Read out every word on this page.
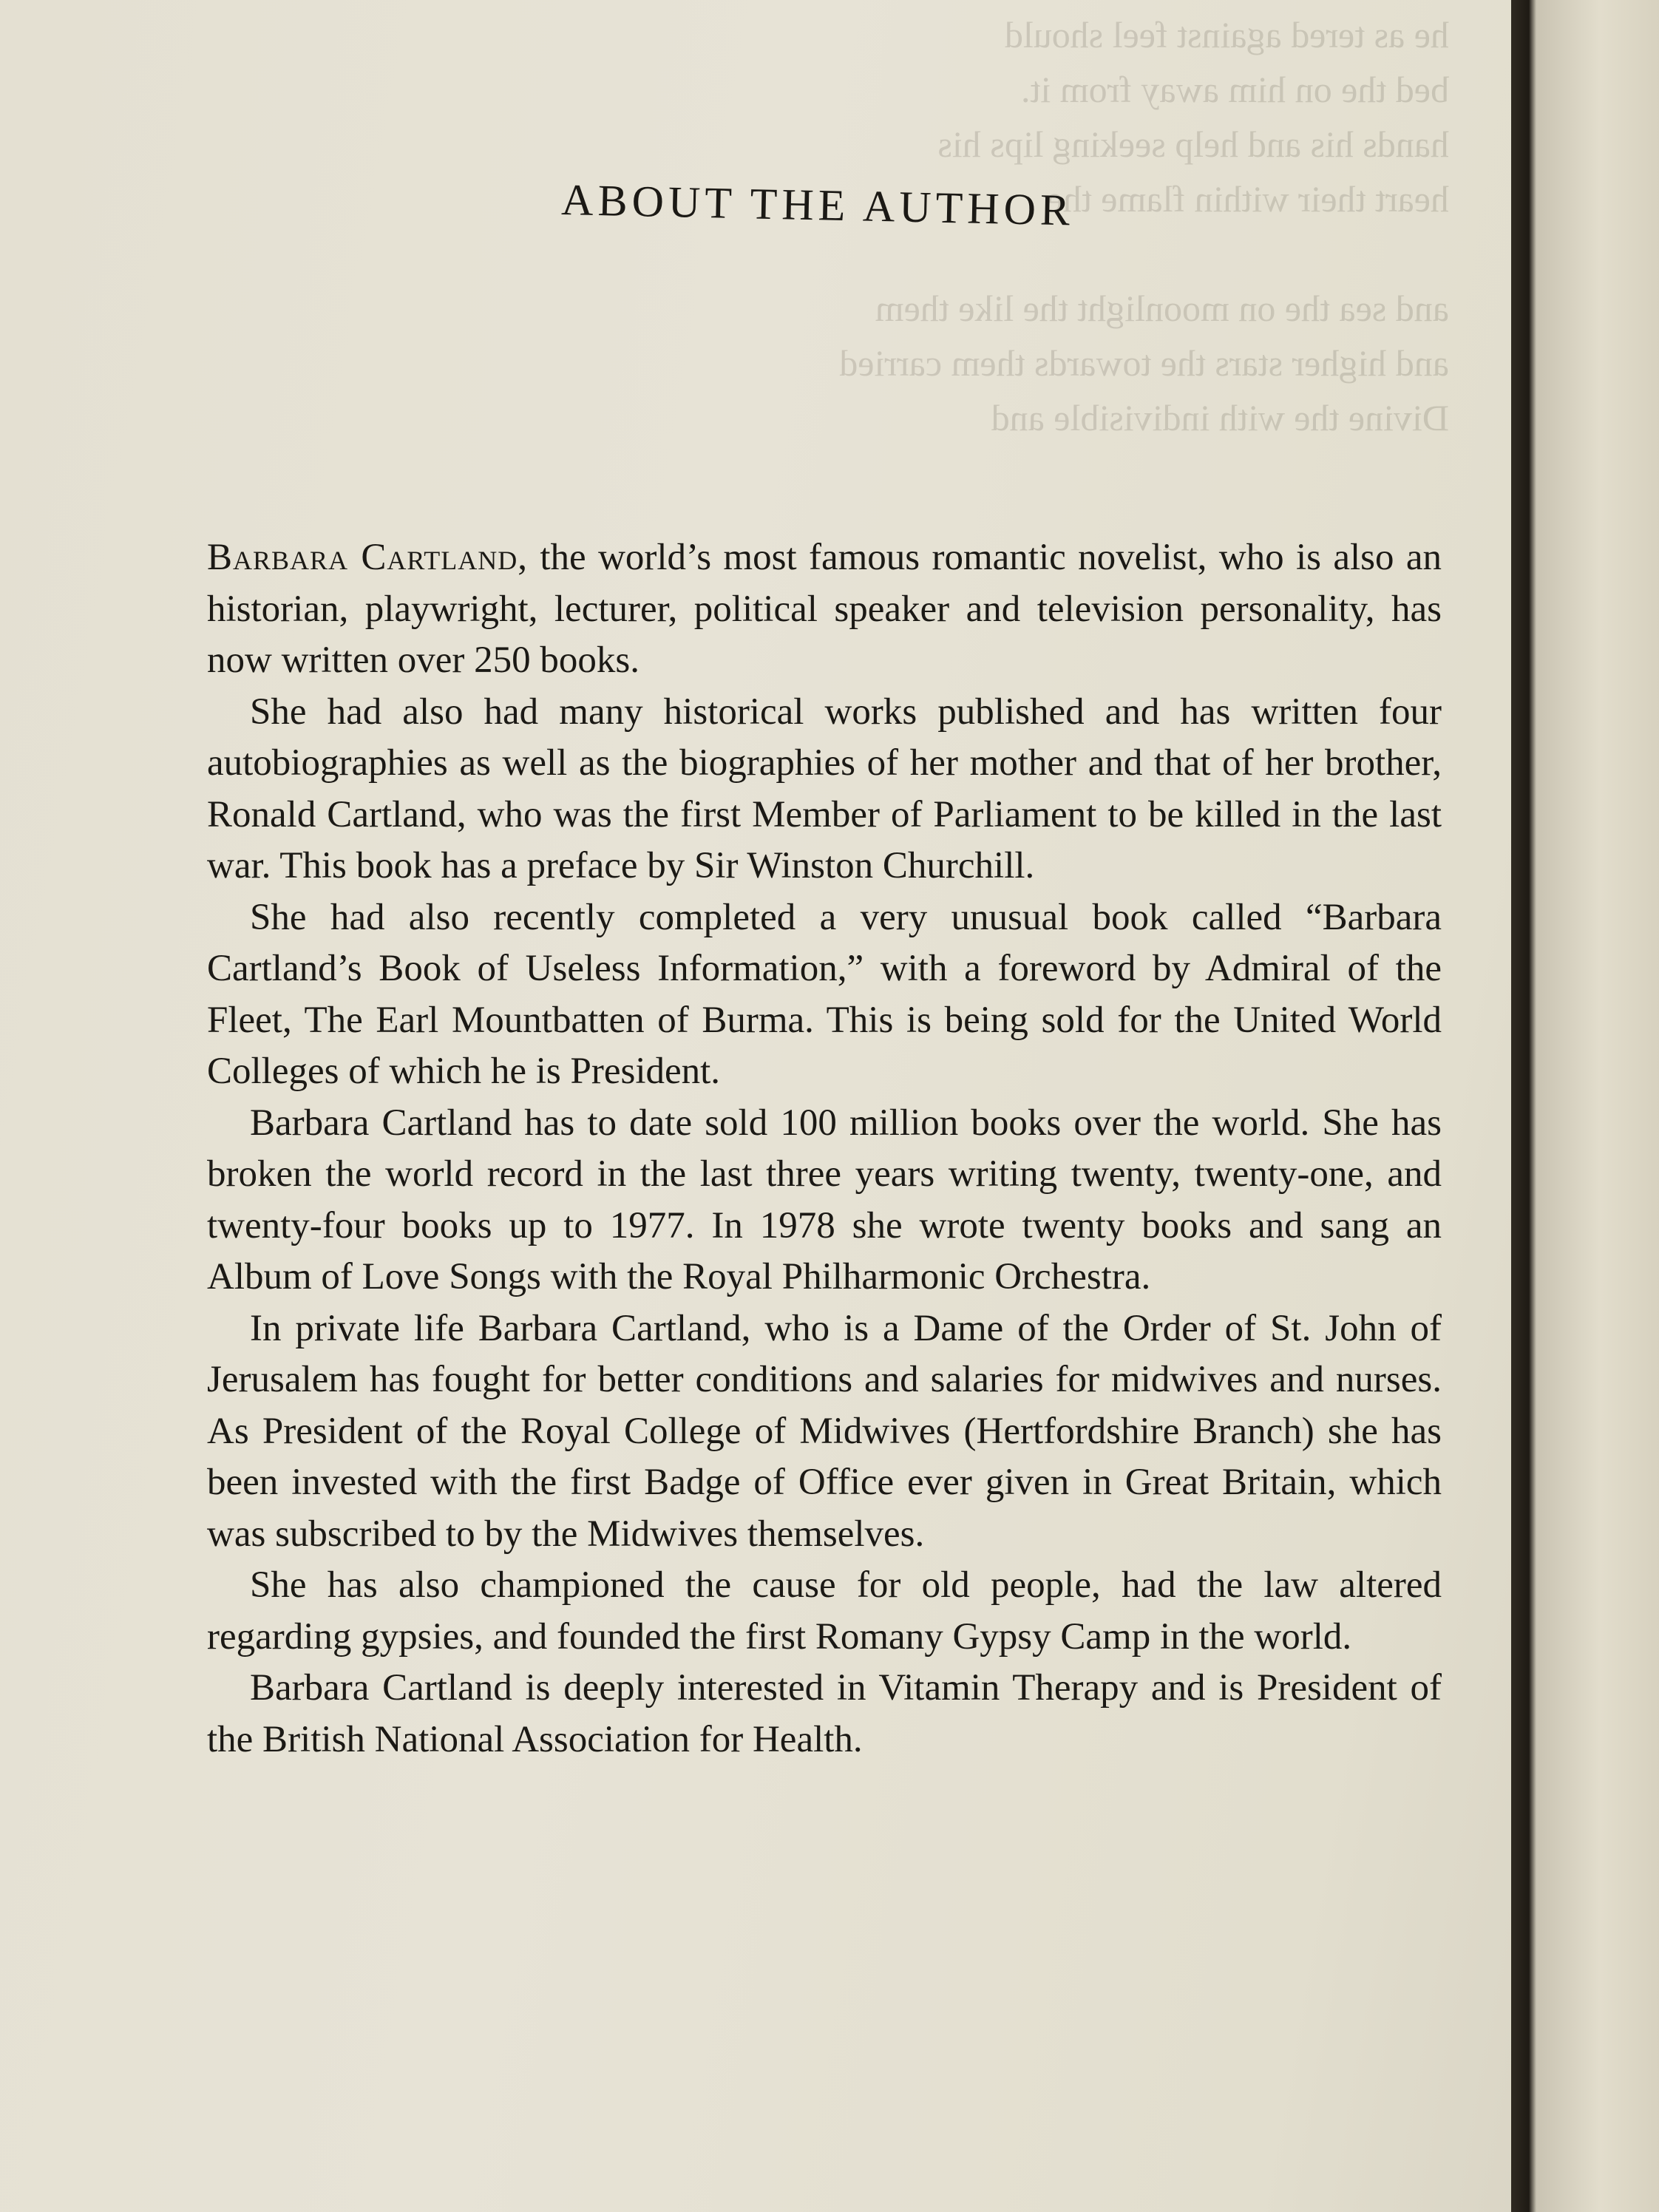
he as tered against feel should
bed the on him away from it.
hands his and help seeking lips his
heart their within flame the
and sea the on moonlight the like them
and higher stars the towards them carried
Divine the with indivisible and
ABOUT THE AUTHOR

Barbara Cartland, the world’s most famous romantic novelist, who is also an historian, playwright, lecturer, political speaker and television personality, has now written over 250 books.

She had also had many historical works published and has written four autobiographies as well as the biographies of her mother and that of her brother, Ronald Cartland, who was the first Member of Parliament to be killed in the last war. This book has a preface by Sir Winston Churchill.

She had also recently completed a very unusual book called “Barbara Cartland’s Book of Useless Information,” with a foreword by Admiral of the Fleet, The Earl Mountbatten of Burma. This is being sold for the United World Colleges of which he is President.

Barbara Cartland has to date sold 100 million books over the world. She has broken the world record in the last three years writing twenty, twenty-one, and twenty-four books up to 1977. In 1978 she wrote twenty books and sang an Album of Love Songs with the Royal Philharmonic Orchestra.

In private life Barbara Cartland, who is a Dame of the Order of St. John of Jerusalem has fought for better conditions and salaries for midwives and nurses. As President of the Royal College of Midwives (Hertfordshire Branch) she has been invested with the first Badge of Office ever given in Great Britain, which was subscribed to by the Midwives themselves.

She has also championed the cause for old people, had the law altered regarding gypsies, and founded the first Romany Gypsy Camp in the world.

Barbara Cartland is deeply interested in Vitamin Therapy and is President of the British National Association for Health.
